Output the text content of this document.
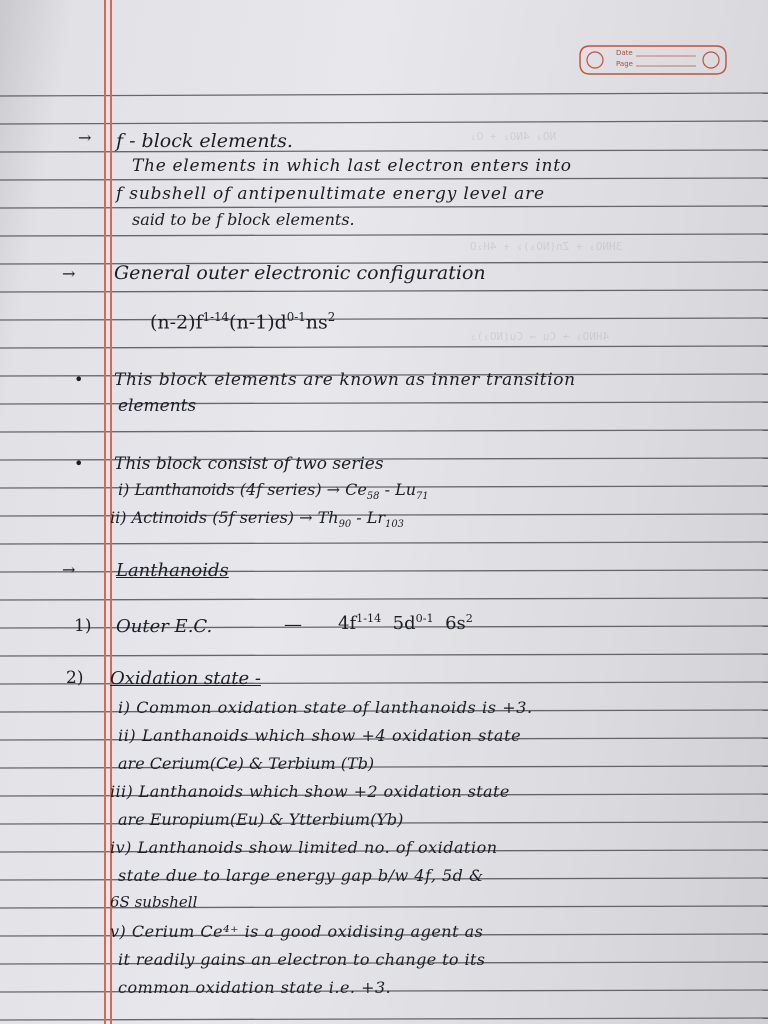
NO₃ 4NO₂ + O₂
3HNO₃ + Zn(NO₃)₂ + 4H₂O
4HNO₃ + Cu → Cu(NO₃)₂
Date
Page
→ f - block elements.
The elements in which last electron enters into
f subshell of antipenultimate energy level are
said to be f block elements.
→ General outer electronic configuration
$(n-2)f^{1-14}(n-1)d^{0-1}ns^2$
• This block elements are known as inner transition
elements
• This block consist of two series
i) Lanthanoids (4f series) → $Ce_{58} - Lu_{71}$
ii) Actinoids (5f series) → $Th_{90} - Lr_{103}$
→ Lanthanoids
1) Outer E.C.	— $4f^{1-14}$ $5d^{0-1}$ $6s^2$
2) Oxidation state -
i) Common oxidation state of lanthanoids is +3.
ii) Lanthanoids which show +4 oxidation state
are Cerium(Ce) & Terbium (Tb)
iii) Lanthanoids which show +2 oxidation state
are Europium(Eu) & Ytterbium(Yb)
iv) Lanthanoids show limited no. of oxidation
state due to large energy gap b/w 4f, 5d &
6S subshell
v) Cerium Ce⁴⁺ is a good oxidising agent as
it readily gains an electron to change to its
common oxidation state i.e. +3.
